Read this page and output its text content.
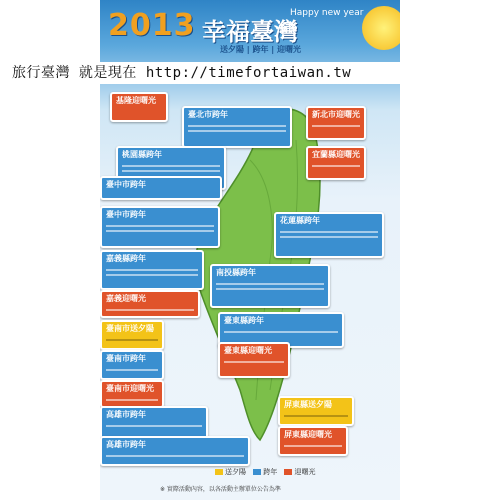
2013 幸福臺灣
Happy new year
送夕陽 | 跨年 | 迎曙光
基隆迎曙光
臺北市跨年
桃園縣跨年
新北市迎曙光
宜蘭縣迎曙光
臺中市跨年
臺中市跨年
花蓮縣跨年
嘉義縣跨年
南投縣跨年
嘉義迎曙光
臺東縣跨年
臺南市送夕陽
臺南市跨年
臺東縣迎曙光
臺南市迎曙光
屏東縣送夕陽
高雄市跨年
屏東縣迎曙光
高雄市跨年
旅行臺灣 就是現在 http://timefortaiwan.tw
送夕陽 跨年 迎曙光
※ 實際活動內容，以各活動主辦單位公告為準
